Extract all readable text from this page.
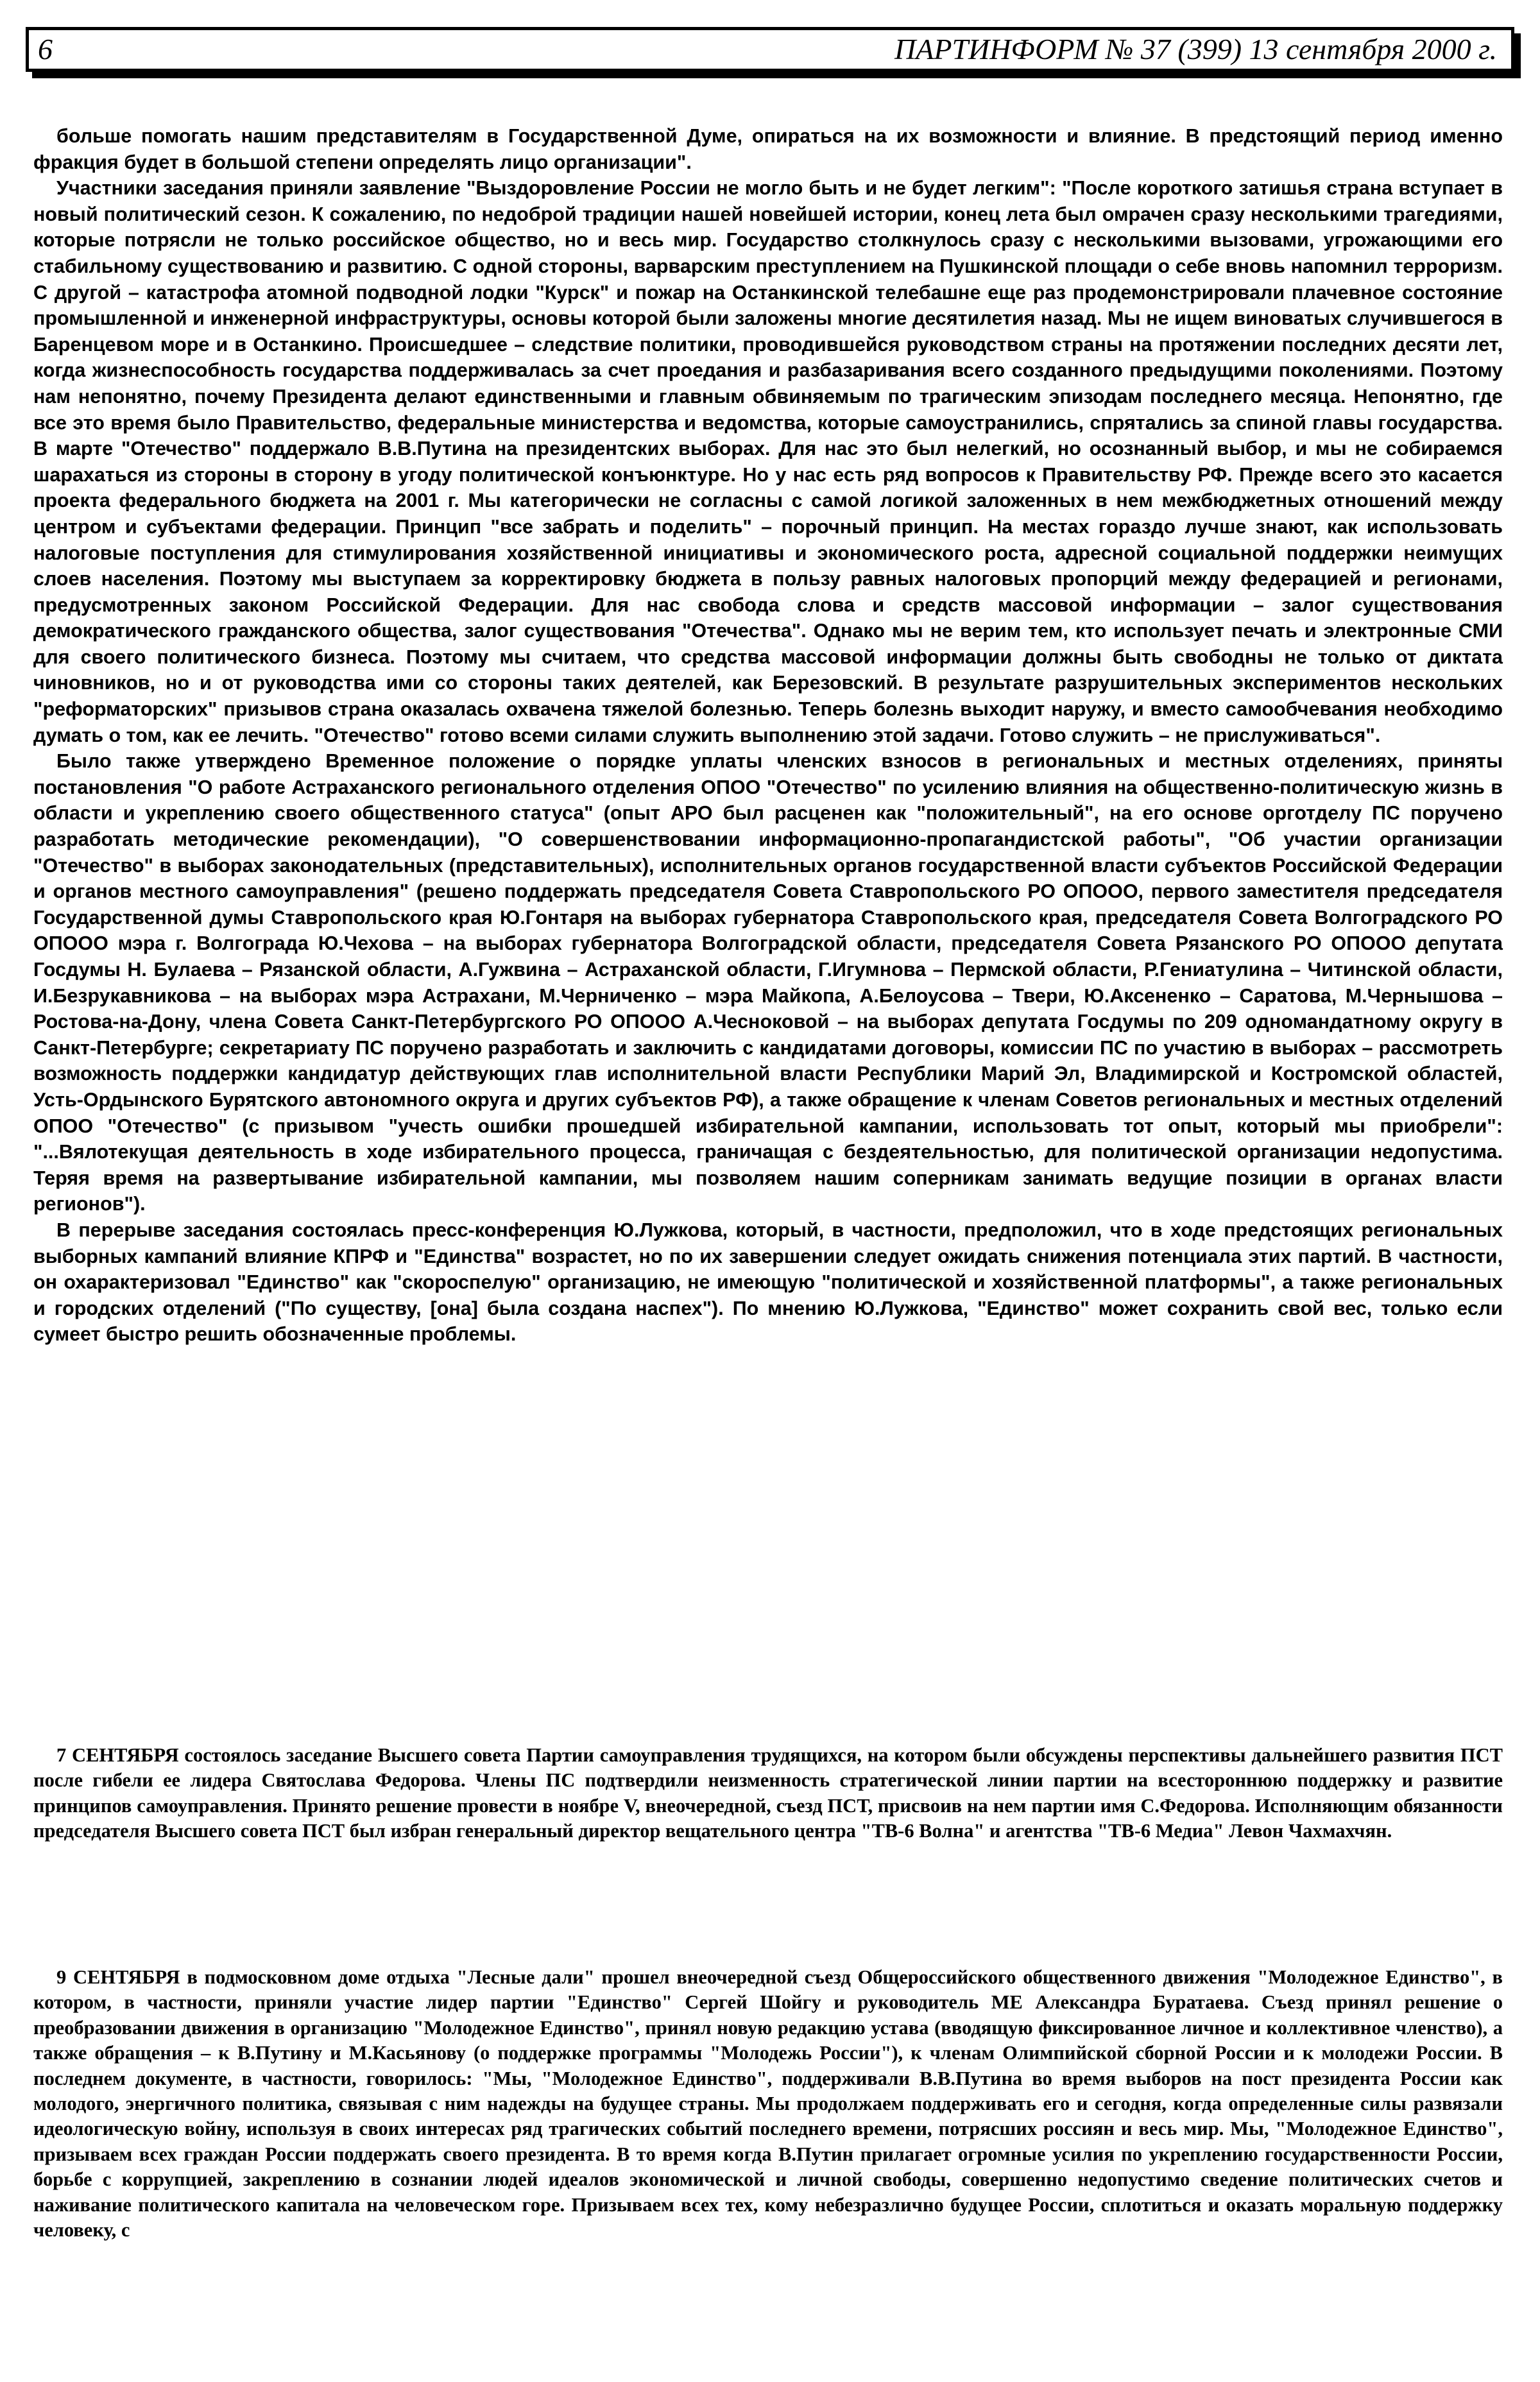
6	ПАРТИНФОРМ № 37 (399) 13 сентября 2000 г.

больше помогать нашим представителям в Государственной Думе, опираться на их возможности и влияние. В предстоящий период именно фракция будет в большой степени определять лицо организации".

Участники заседания приняли заявление "Выздоровление России не могло быть и не будет легким": "После короткого затишья страна вступает в новый политический сезон. К сожалению, по недоброй традиции нашей новейшей истории, конец лета был омрачен сразу несколькими трагедиями, которые потрясли не только российское общество, но и весь мир. Государство столкнулось сразу с несколькими вызовами, угрожающими его стабильному существованию и развитию. С одной стороны, варварским преступлением на Пушкинской площади о себе вновь напомнил терроризм. С другой – катастрофа атомной подводной лодки "Курск" и пожар на Останкинской телебашне еще раз продемонстрировали плачевное состояние промышленной и инженерной инфраструктуры, основы которой были заложены многие десятилетия назад. Мы не ищем виноватых случившегося в Баренцевом море и в Останкино. Происшедшее – следствие политики, проводившейся руководством страны на протяжении последних десяти лет, когда жизнеспособность государства поддерживалась за счет проедания и разбазаривания всего созданного предыдущими поколениями. Поэтому нам непонятно, почему Президента делают единственными и главным обвиняемым по трагическим эпизодам последнего месяца. Непонятно, где все это время было Правительство, федеральные министерства и ведомства, которые самоустранились, спрятались за спиной главы государства. В марте "Отечество" поддержало В.В.Путина на президентских выборах. Для нас это был нелегкий, но осознанный выбор, и мы не собираемся шарахаться из стороны в сторону в угоду политической конъюнктуре. Но у нас есть ряд вопросов к Правительству РФ. Прежде всего это касается проекта федерального бюджета на 2001 г. Мы категорически не согласны с самой логикой заложенных в нем межбюджетных отношений между центром и субъектами федерации. Принцип "все забрать и поделить" – порочный принцип. На местах гораздо лучше знают, как использовать налоговые поступления для стимулирования хозяйственной инициативы и экономического роста, адресной социальной поддержки неимущих слоев населения. Поэтому мы выступаем за корректировку бюджета в пользу равных налоговых пропорций между федерацией и регионами, предусмотренных законом Российской Федерации. Для нас свобода слова и средств массовой информации – залог существования демократического гражданского общества, залог существования "Отечества". Однако мы не верим тем, кто использует печать и электронные СМИ для своего политического бизнеса. Поэтому мы считаем, что средства массовой информации должны быть свободны не только от диктата чиновников, но и от руководства ими со стороны таких деятелей, как Березовский. В результате разрушительных экспериментов нескольких "реформаторских" призывов страна оказалась охвачена тяжелой болезнью. Теперь болезнь выходит наружу, и вместо самообчевания необходимо думать о том, как ее лечить. "Отечество" готово всеми силами служить выполнению этой задачи. Готово служить – не прислуживаться".

Было также утверждено Временное положение о порядке уплаты членских взносов в региональных и местных отделениях, приняты постановления "О работе Астраханского регионального отделения ОПОО "Отечество" по усилению влияния на общественно-политическую жизнь в области и укреплению своего общественного статуса" (опыт АРО был расценен как "положительный", на его основе орготделу ПС поручено разработать методические рекомендации), "О совершенствовании информационно-пропагандистской работы", "Об участии организации "Отечество" в выборах законодательных (представительных), исполнительных органов государственной власти субъектов Российской Федерации и органов местного самоуправления" (решено поддержать председателя Совета Ставропольского РО ОПООО, первого заместителя председателя Государственной думы Ставропольского края Ю.Гонтаря на выборах губернатора Ставропольского края, председателя Совета Волгоградского РО ОПООО мэра г. Волгограда Ю.Чехова – на выборах губернатора Волгоградской области, председателя Совета Рязанского РО ОПООО депутата Госдумы Н. Булаева – Рязанской области, А.Гужвина – Астраханской области, Г.Игумнова – Пермской области, Р.Гениатулина – Читинской области, И.Безрукавникова – на выборах мэра Астрахани, М.Черниченко – мэра Майкопа, А.Белоусова – Твери, Ю.Аксененко – Саратова, М.Чернышова – Ростова-на-Дону, члена Совета Санкт-Петербургского РО ОПООО А.Чесноковой – на выборах депутата Госдумы по 209 одномандатному округу в Санкт-Петербурге; секретариату ПС поручено разработать и заключить с кандидатами договоры, комиссии ПС по участию в выборах – рассмотреть возможность поддержки кандидатур действующих глав исполнительной власти Республики Марий Эл, Владимирской и Костромской областей, Усть-Ордынского Бурятского автономного округа и других субъектов РФ), а также обращение к членам Советов региональных и местных отделений ОПОО "Отечество" (с призывом "учесть ошибки прошедшей избирательной кампании, использовать тот опыт, который мы приобрели": "...Вялотекущая деятельность в ходе избирательного процесса, граничащая с бездеятельностью, для политической организации недопустима. Теряя время на развертывание избирательной кампании, мы позволяем нашим соперникам занимать ведущие позиции в органах власти регионов").

В перерыве заседания состоялась пресс-конференция Ю.Лужкова, который, в частности, предположил, что в ходе предстоящих региональных выборных кампаний влияние КПРФ и "Единства" возрастет, но по их завершении следует ожидать снижения потенциала этих партий. В частности, он охарактеризовал "Единство" как "скороспелую" организацию, не имеющую "политической и хозяйственной платформы", а также региональных и городских отделений ("По существу, [она] была создана наспех"). По мнению Ю.Лужкова, "Единство" может сохранить свой вес, только если сумеет быстро решить обозначенные проблемы.

7 СЕНТЯБРЯ состоялось заседание Высшего совета Партии самоуправления трудящихся, на котором были обсуждены перспективы дальнейшего развития ПСТ после гибели ее лидера Святослава Федорова. Члены ПС подтвердили неизменность стратегической линии партии на всестороннюю поддержку и развитие принципов самоуправления. Принято решение провести в ноябре V, внеочередной, съезд ПСТ, присвоив на нем партии имя С.Федорова. Исполняющим обязанности председателя Высшего совета ПСТ был избран генеральный директор вещательного центра "ТВ-6 Волна" и агентства "ТВ-6 Медиа" Левон Чахмахчян.

9 СЕНТЯБРЯ в подмосковном доме отдыха "Лесные дали" прошел внеочередной съезд Общероссийского общественного движения "Молодежное Единство", в котором, в частности, приняли участие лидер партии "Единство" Сергей Шойгу и руководитель МЕ Александра Буратаева. Съезд принял решение о преобразовании движения в организацию "Молодежное Единство", принял новую редакцию устава (вводящую фиксированное личное и коллективное членство), а также обращения – к В.Путину и М.Касьянову (о поддержке программы "Молодежь России"), к членам Олимпийской сборной России и к молодежи России. В последнем документе, в частности, говорилось: "Мы, "Молодежное Единство", поддерживали В.В.Путина во время выборов на пост президента России как молодого, энергичного политика, связывая с ним надежды на будущее страны. Мы продолжаем поддерживать его и сегодня, когда определенные силы развязали идеологическую войну, используя в своих интересах ряд трагических событий последнего времени, потрясших россиян и весь мир. Мы, "Молодежное Единство", призываем всех граждан России поддержать своего президента. В то время когда В.Путин прилагает огромные усилия по укреплению государственности России, борьбе с коррупцией, закреплению в сознании людей идеалов экономической и личной свободы, совершенно недопустимо сведение политических счетов и наживание политического капитала на человеческом горе. Призываем всех тех, кому небезразлично будущее России, сплотиться и оказать моральную поддержку человеку, с
